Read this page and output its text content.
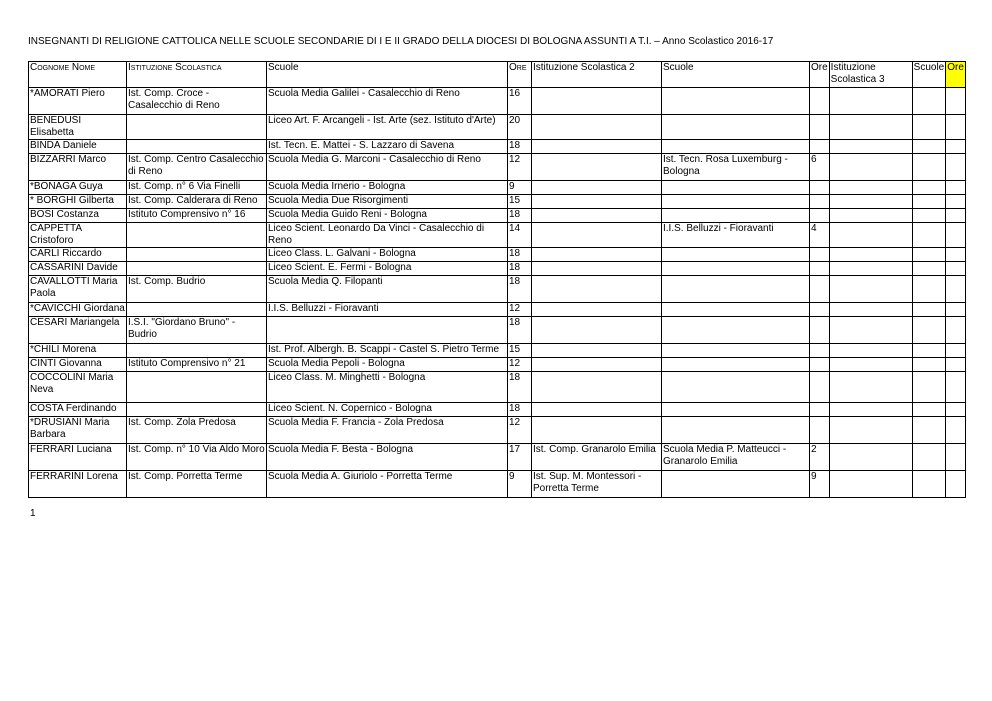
INSEGNANTI DI RELIGIONE CATTOLICA NELLE SCUOLE SECONDARIE DI I E II GRADO DELLA DIOCESI DI BOLOGNA ASSUNTI A T.I. – Anno Scolastico 2016-17
Cognome Nome	Istituzione Scolastica	Scuole	Ore	Istituzione Scolastica 2	Scuole	Ore	Istituzione Scolastica 3	Scuole	Ore
*AMORATI Piero	Ist. Comp. Croce - Casalecchio di Reno	Scuola Media Galilei - Casalecchio di Reno	16						
BENEDUSI Elisabetta		Liceo Art. F. Arcangeli - Ist. Arte (sez. Istituto d'Arte)	20						
BINDA Daniele		Ist. Tecn. E. Mattei - S. Lazzaro di Savena	18						
BIZZARRI Marco	Ist. Comp. Centro Casalecchio di Reno	Scuola Media G. Marconi - Casalecchio di Reno	12		Ist. Tecn. Rosa Luxemburg - Bologna	6			
*BONAGA Guya	Ist. Comp. n° 6 Via Finelli	Scuola Media Irnerio - Bologna	9						
* BORGHI Gilberta	Ist. Comp. Calderara di Reno	Scuola Media Due Risorgimenti	15						
BOSI Costanza	Istituto Comprensivo n° 16	Scuola Media Guido Reni - Bologna	18						
CAPPETTA Cristoforo		Liceo Scient. Leonardo Da Vinci - Casalecchio di Reno	14		I.I.S. Belluzzi - Fioravanti	4			
CARLI Riccardo		Liceo Class. L. Galvani - Bologna	18						
CASSARINI Davide		Liceo Scient. E. Fermi - Bologna	18						
CAVALLOTTI Maria Paola	Ist. Comp. Budrio	Scuola Media Q. Filopanti	18						
*CAVICCHI Giordana		I.I.S. Belluzzi - Fioravanti	12						
CESARI Mariangela	I.S.I. "Giordano Bruno" - Budrio		18						
*CHILI Morena		Ist. Prof. Albergh. B. Scappi - Castel S. Pietro Terme	15						
CINTI Giovanna	Istituto Comprensivo n° 21	Scuola Media Pepoli - Bologna	12						
COCCOLINI Maria Neva		Liceo Class. M. Minghetti - Bologna	18						
COSTA Ferdinando		Liceo Scient. N. Copernico - Bologna	18						
*DRUSIANI Maria Barbara	Ist. Comp. Zola Predosa	Scuola Media F. Francia - Zola Predosa	12						
FERRARI Luciana	Ist. Comp. n° 10 Via Aldo Moro	Scuola Media F. Besta - Bologna	17	Ist. Comp. Granarolo Emilia	Scuola Media P. Matteucci - Granarolo Emilia	2			
FERRARINI Lorena	Ist. Comp. Porretta Terme	Scuola Media A. Giuriolo - Porretta Terme	9	Ist. Sup. M. Montessori - Porretta Terme		9			
1
